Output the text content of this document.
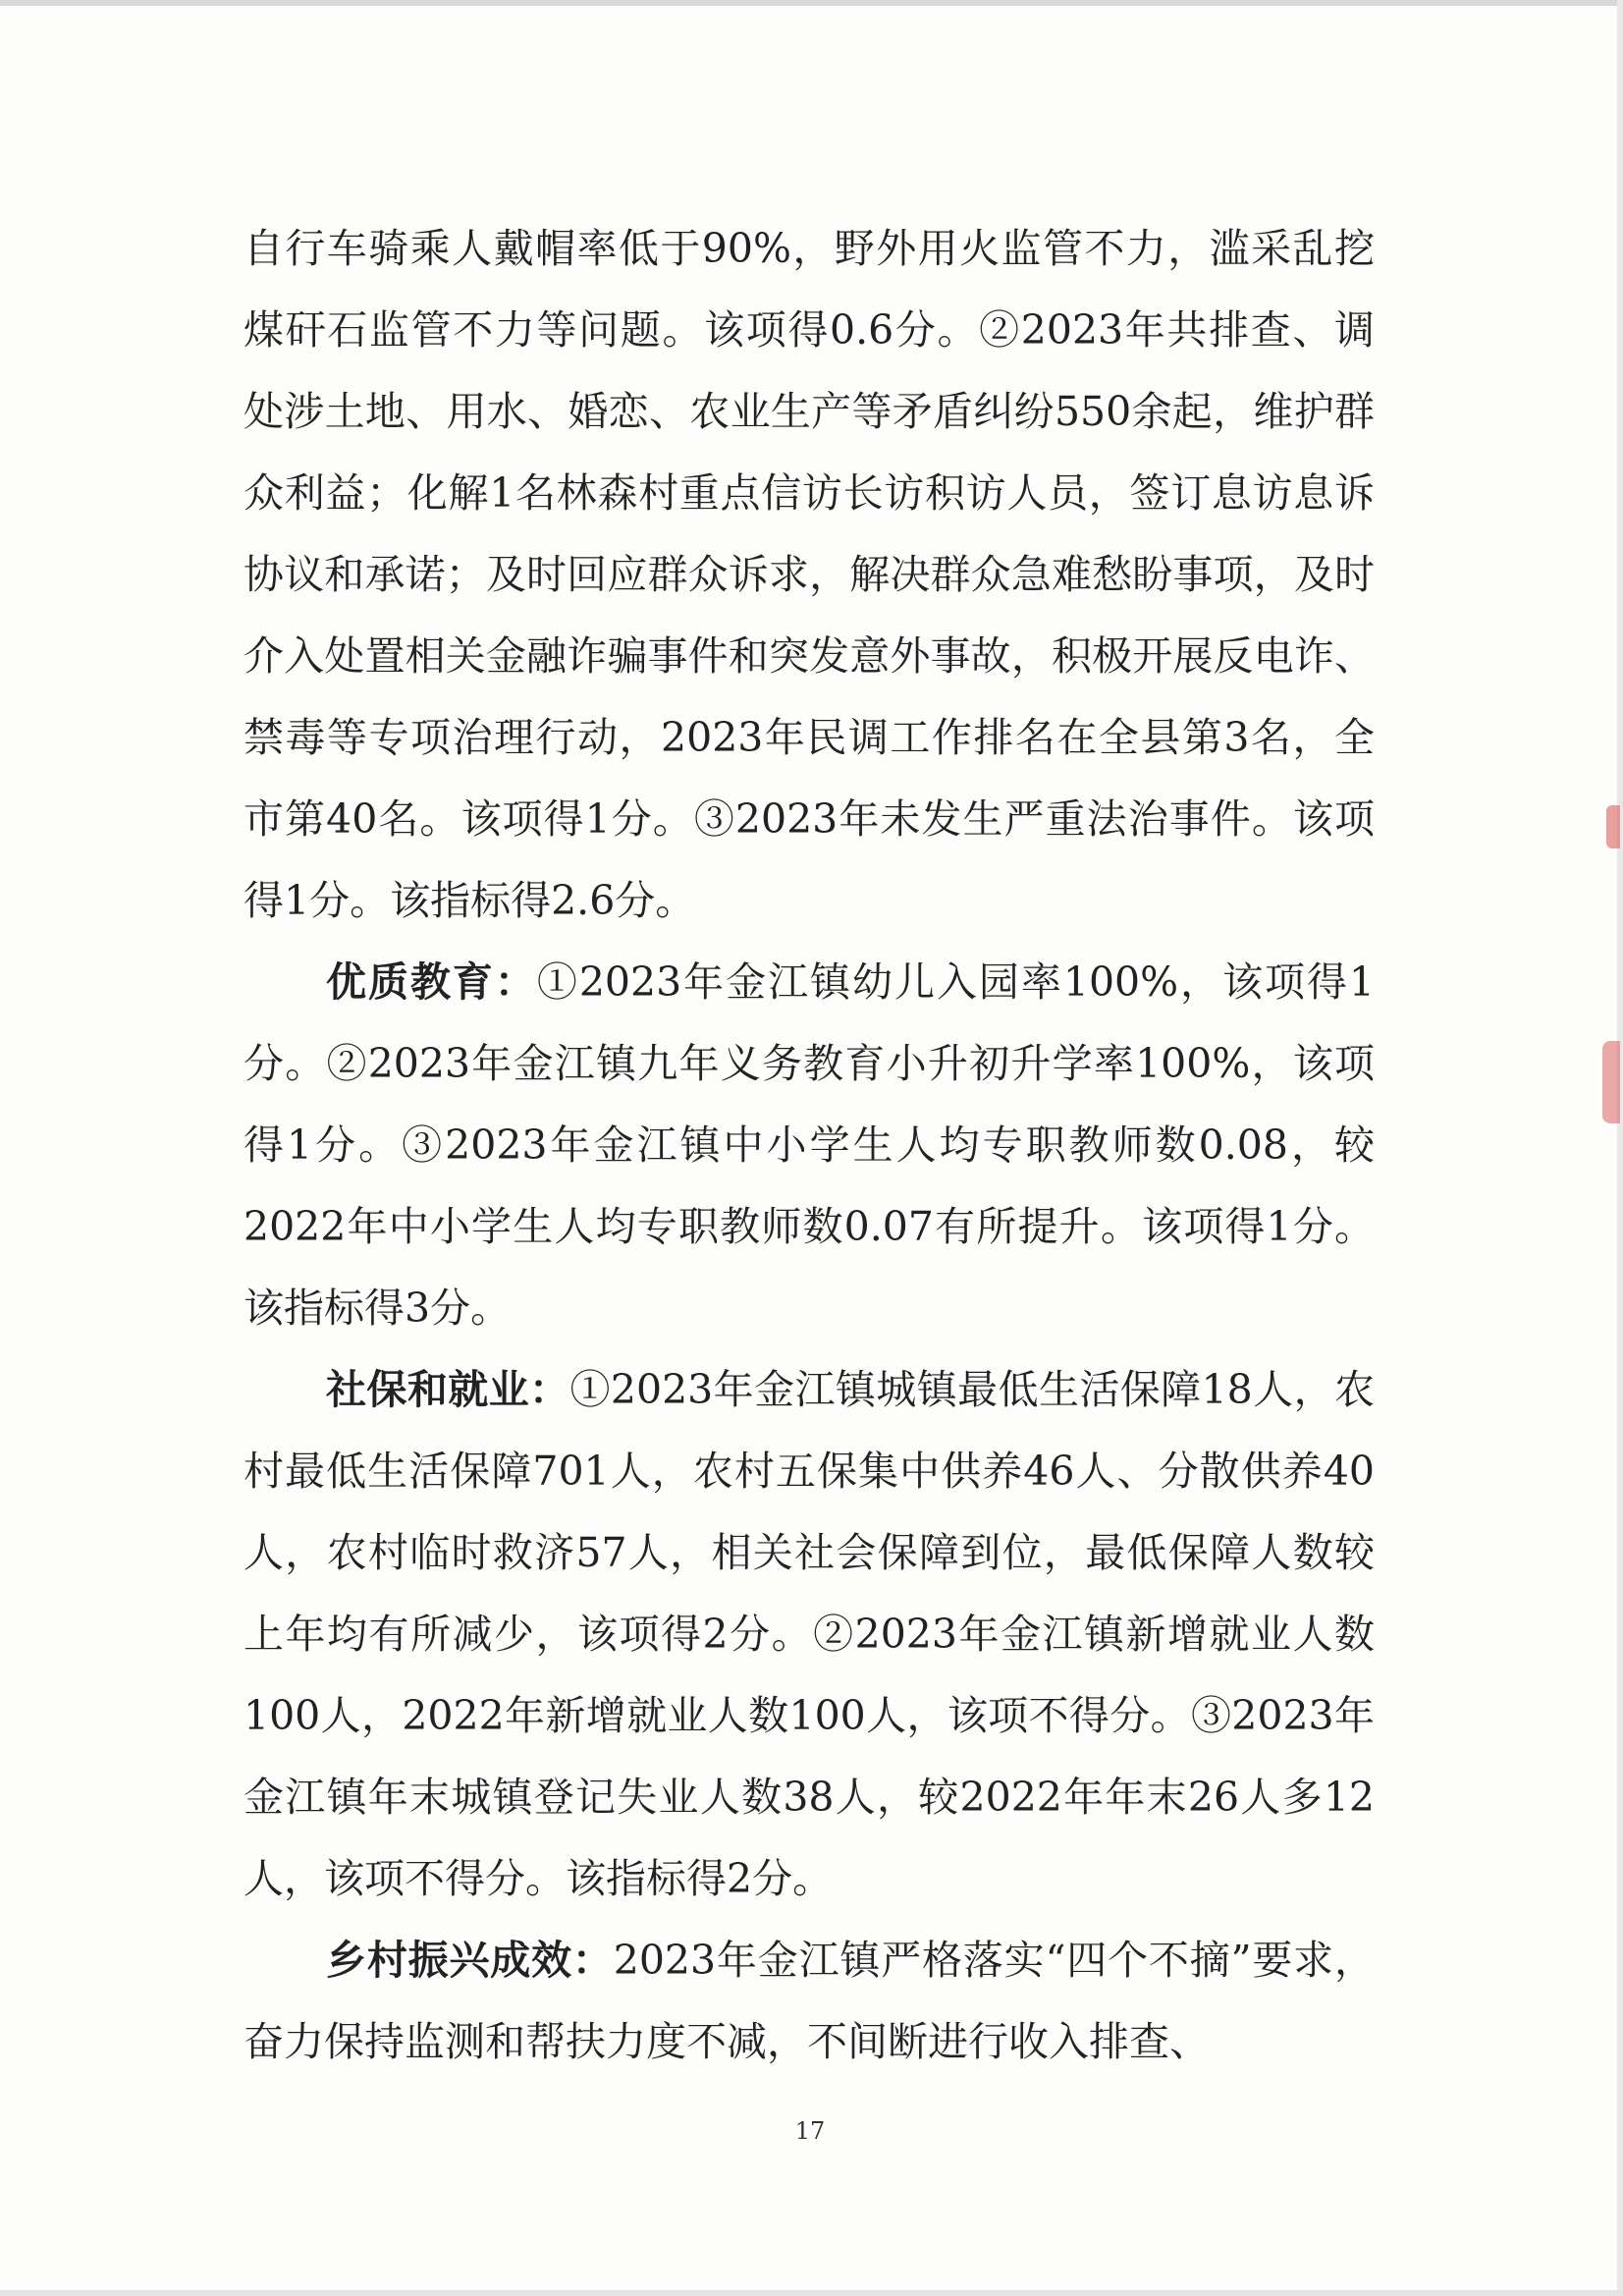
自行车骑乘人戴帽率低于90%，野外用火监管不力，滥采乱挖煤矸石监管不力等问题。该项得0.6分。②2023年共排查、调处涉土地、用水、婚恋、农业生产等矛盾纠纷550余起，维护群众利益；化解1名林森村重点信访长访积访人员，签订息访息诉协议和承诺；及时回应群众诉求，解决群众急难愁盼事项，及时介入处置相关金融诈骗事件和突发意外事故，积极开展反电诈、禁毒等专项治理行动，2023年民调工作排名在全县第3名，全市第40名。该项得1分。③2023年未发生严重法治事件。该项得1分。该指标得2.6分。

优质教育：①2023年金江镇幼儿入园率100%，该项得1分。②2023年金江镇九年义务教育小升初升学率100%，该项得1分。③2023年金江镇中小学生人均专职教师数0.08，较2022年中小学生人均专职教师数0.07有所提升。该项得1分。该指标得3分。

社保和就业：①2023年金江镇城镇最低生活保障18人，农村最低生活保障701人，农村五保集中供养46人、分散供养40人，农村临时救济57人，相关社会保障到位，最低保障人数较上年均有所减少，该项得2分。②2023年金江镇新增就业人数100人，2022年新增就业人数100人，该项不得分。③2023年金江镇年末城镇登记失业人数38人，较2022年年末26人多12人，该项不得分。该指标得2分。

乡村振兴成效：2023年金江镇严格落实“四个不摘”要求，奋力保持监测和帮扶力度不减，不间断进行收入排查、

17
